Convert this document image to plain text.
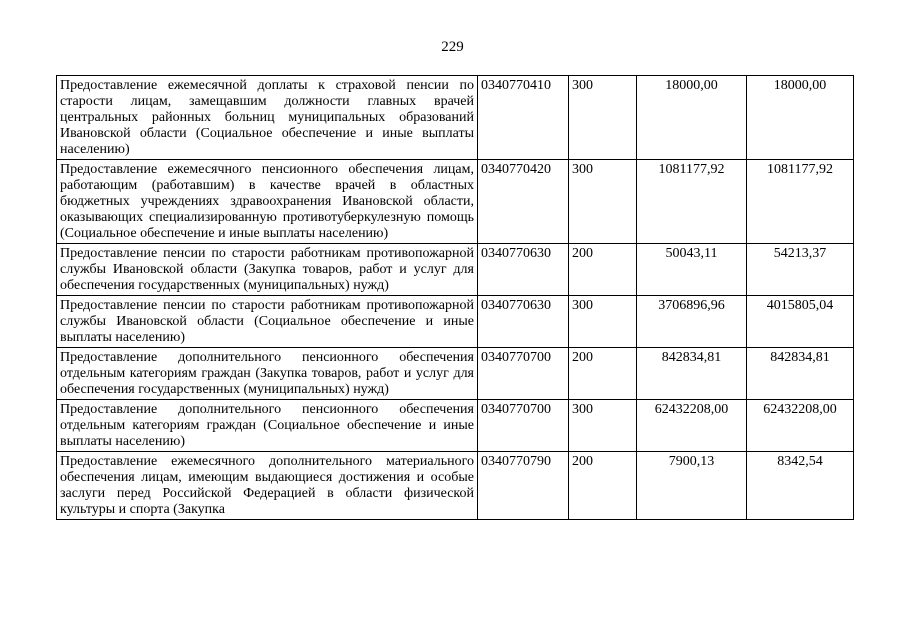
229
Предоставление ежемесячной доплаты к страховой пенсии по старости лицам, замещавшим должности главных врачей центральных районных больниц муниципальных образований Ивановской области (Социальное обеспечение и иные выплаты населению)	0340770410	300	18000,00	18000,00
Предоставление ежемесячного пенсионного обеспечения лицам, работающим (работавшим) в качестве врачей в областных бюджетных учреждениях здравоохранения Ивановской области, оказывающих специализированную противотуберкулезную помощь (Социальное обеспечение и иные выплаты населению)	0340770420	300	1081177,92	1081177,92
Предоставление пенсии по старости работникам противопожарной службы Ивановской области (Закупка товаров, работ и услуг для обеспечения государственных (муниципальных) нужд)	0340770630	200	50043,11	54213,37
Предоставление пенсии по старости работникам противопожарной службы Ивановской области (Социальное обеспечение и иные выплаты населению)	0340770630	300	3706896,96	4015805,04
Предоставление дополнительного пенсионного обеспечения отдельным категориям граждан (Закупка товаров, работ и услуг для обеспечения государственных (муниципальных) нужд)	0340770700	200	842834,81	842834,81
Предоставление дополнительного пенсионного обеспечения отдельным категориям граждан (Социальное обеспечение и иные выплаты населению)	0340770700	300	62432208,00	62432208,00
Предоставление ежемесячного дополнительного материального обеспечения лицам, имеющим выдающиеся достижения и особые заслуги перед Российской Федерацией в области физической культуры и спорта (Закупка	0340770790	200	7900,13	8342,54
